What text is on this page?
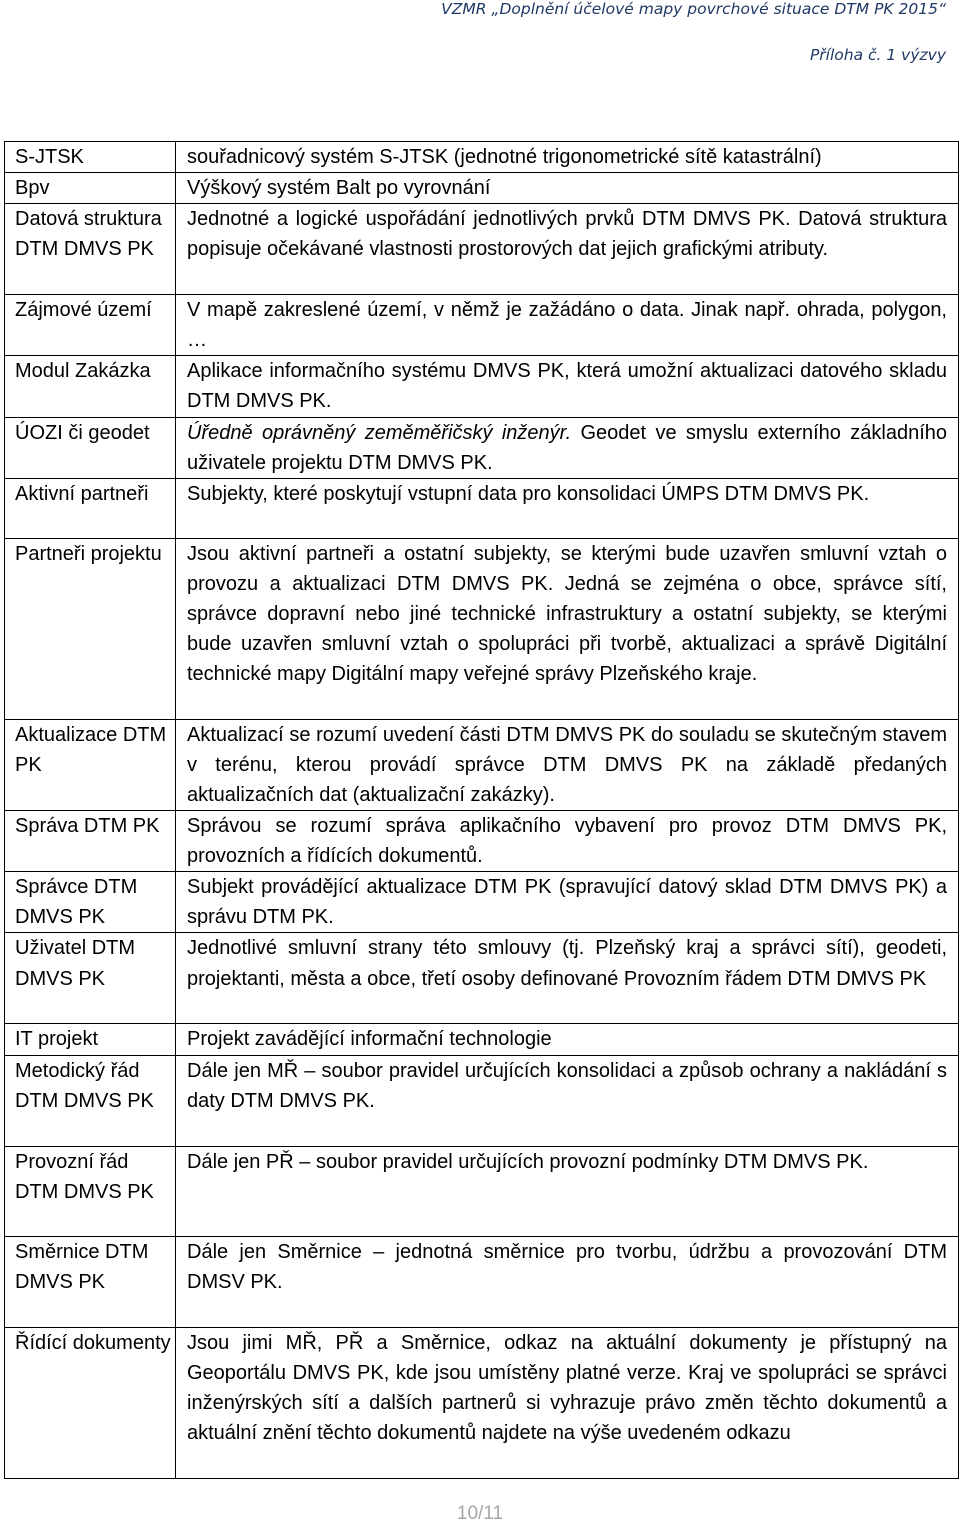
VZMR „Doplnění účelové mapy povrchové situace DTM PK 2015“
Příloha č. 1 výzvy
S-JTSK	souřadnicový systém S-JTSK (jednotné trigonometrické sítě katastrální)
Bpv	Výškový systém Balt po vyrovnání
Datová struktura DTM DMVS PK	Jednotné a logické uspořádání jednotlivých prvků DTM DMVS PK. Datová struktura popisuje očekávané vlastnosti prostorových dat jejich grafickými atributy.
Zájmové území	V mapě zakreslené území, v němž je zažádáno o data. Jinak např. ohrada, polygon, …
Modul Zakázka	Aplikace informačního systému DMVS PK, která umožní aktualizaci datového skladu DTM DMVS PK.
ÚOZI či geodet	Úředně oprávněný zeměměřičský inženýr. Geodet ve smyslu externího základního uživatele projektu DTM DMVS PK.
Aktivní partneři	Subjekty, které poskytují vstupní data pro konsolidaci ÚMPS DTM DMVS PK.
Partneři projektu	Jsou aktivní partneři a ostatní subjekty, se kterými bude uzavřen smluvní vztah o provozu a aktualizaci DTM DMVS PK. Jedná se zejména o obce, správce sítí, správce dopravní nebo jiné technické infrastruktury a ostatní subjekty, se kterými bude uzavřen smluvní vztah o spolupráci při tvorbě, aktualizaci a správě Digitální technické mapy Digitální mapy veřejné správy Plzeňského kraje.
Aktualizace DTM PK	Aktualizací se rozumí uvedení části DTM DMVS PK do souladu se skutečným stavem v terénu, kterou provádí správce DTM DMVS PK na základě předaných aktualizačních dat (aktualizační zakázky).
Správa DTM PK	Správou se rozumí správa aplikačního vybavení pro provoz DTM DMVS PK, provozních a řídících dokumentů.
Správce DTM DMVS PK	Subjekt provádějící aktualizace DTM PK (spravující datový sklad DTM DMVS PK) a správu DTM PK.
Uživatel DTM DMVS PK	Jednotlivé smluvní strany této smlouvy (tj. Plzeňský kraj a správci sítí), geodeti, projektanti, města a obce, třetí osoby definované Provozním řádem DTM DMVS PK
IT projekt	Projekt zavádějící informační technologie
Metodický řád DTM DMVS PK	Dále jen MŘ – soubor pravidel určujících konsolidaci a způsob ochrany a nakládání s daty DTM DMVS PK.
Provozní řád DTM DMVS PK	Dále jen PŘ – soubor pravidel určujících provozní podmínky DTM DMVS PK.
Směrnice DTM DMVS PK	Dále jen Směrnice – jednotná směrnice pro tvorbu, údržbu a provozování DTM DMSV PK.
Řídící dokumenty	Jsou jimi MŘ, PŘ a Směrnice, odkaz na aktuální dokumenty je přístupný na Geoportálu DMVS PK, kde jsou umístěny platné verze. Kraj ve spolupráci se správci inženýrských sítí a dalších partnerů si vyhrazuje právo změn těchto dokumentů a aktuální znění těchto dokumentů najdete na výše uvedeném odkazu
10/11
